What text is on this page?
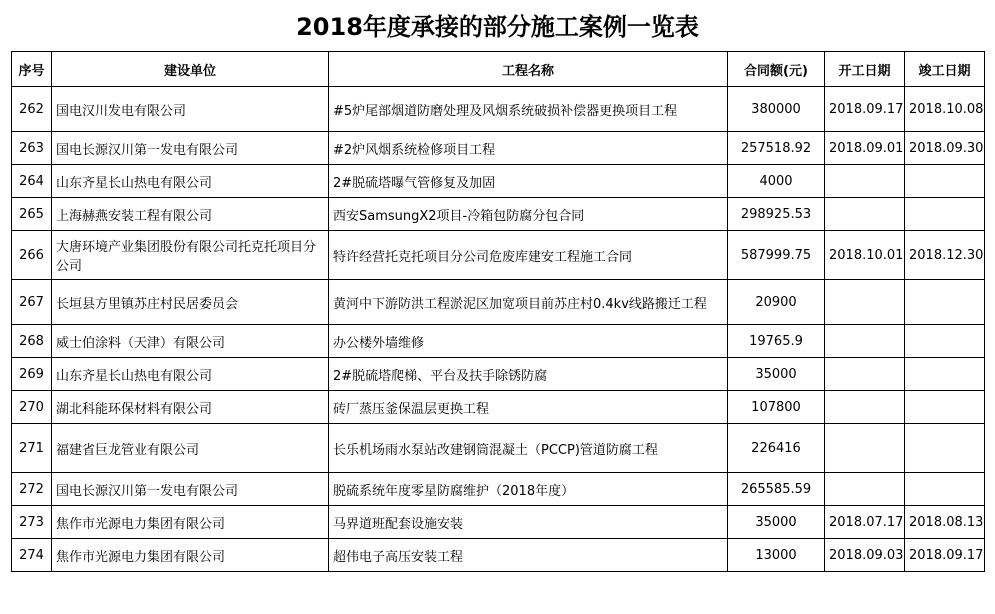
2018年度承接的部分施工案例一览表
序号	建设单位	工程名称	合同额(元)	开工日期	竣工日期
262	国电汉川发电有限公司	#5炉尾部烟道防磨处理及风烟系统破损补偿器更换项目工程	380000	2018.09.17	2018.10.08
263	国电长源汉川第一发电有限公司	#2炉风烟系统检修项目工程	257518.92	2018.09.01	2018.09.30
264	山东齐星长山热电有限公司	2#脱硫塔曝气管修复及加固	4000		
265	上海赫燕安装工程有限公司	西安SamsungX2项目-冷箱包防腐分包合同	298925.53		
266	大唐环境产业集团股份有限公司托克托项目分公司	特许经营托克托项目分公司危废库建安工程施工合同	587999.75	2018.10.01	2018.12.30
267	长垣县方里镇苏庄村民居委员会	黄河中下游防洪工程淤泥区加宽项目前苏庄村0.4kv线路搬迁工程	20900		
268	威士伯涂料（天津）有限公司	办公楼外墙维修	19765.9		
269	山东齐星长山热电有限公司	2#脱硫塔爬梯、平台及扶手除锈防腐	35000		
270	湖北科能环保材料有限公司	砖厂蒸压釜保温层更换工程	107800		
271	福建省巨龙管业有限公司	长乐机场雨水泵站改建钢筒混凝土（PCCP)管道防腐工程	226416		
272	国电长源汉川第一发电有限公司	脱硫系统年度零星防腐维护（2018年度）	265585.59		
273	焦作市光源电力集团有限公司	马界道班配套设施安装	35000	2018.07.17	2018.08.13
274	焦作市光源电力集团有限公司	超伟电子高压安装工程	13000	2018.09.03	2018.09.17
